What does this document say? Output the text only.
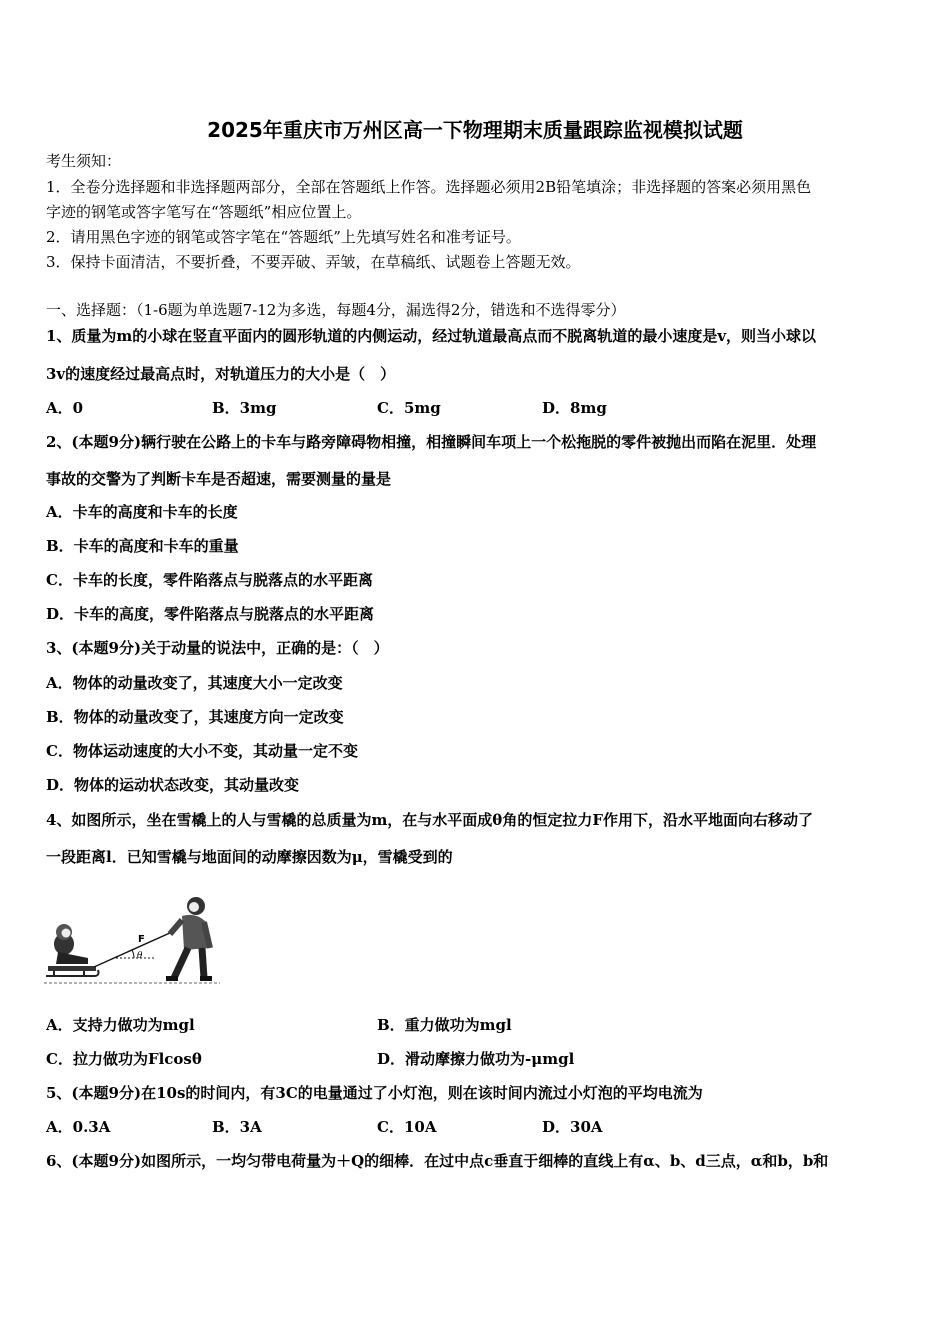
2025年重庆市万州区高一下物理期末质量跟踪监视模拟试题
考生须知：
1．全卷分选择题和非选择题两部分，全部在答题纸上作答。选择题必须用2B铅笔填涂；非选择题的答案必须用黑色
字迹的钢笔或答字笔写在“答题纸”相应位置上。
2．请用黑色字迹的钢笔或答字笔在“答题纸”上先填写姓名和准考证号。
3．保持卡面清洁，不要折叠，不要弄破、弄皱，在草稿纸、试题卷上答题无效。
一、选择题：（1-6题为单选题7-12为多选，每题4分，漏选得2分，错选和不选得零分）
1、质量为m的小球在竖直平面内的圆形轨道的内侧运动，经过轨道最高点而不脱离轨道的最小速度是v，则当小球以
3v的速度经过最高点时，对轨道压力的大小是（　）
A．0	B．3mg	C．5mg	D．8mg
2、(本题9分)辆行驶在公路上的卡车与路旁障碍物相撞，相撞瞬间车项上一个松拖脱的零件被抛出而陷在泥里．处理
事故的交警为了判断卡车是否超速，需要测量的量是
A．卡车的高度和卡车的长度
B．卡车的高度和卡车的重量
C．卡车的长度，零件陷落点与脱落点的水平距离
D．卡车的高度，零件陷落点与脱落点的水平距离
3、(本题9分)关于动量的说法中，正确的是：（　）
A．物体的动量改变了，其速度大小一定改变
B．物体的动量改变了，其速度方向一定改变
C．物体运动速度的大小不变，其动量一定不变
D．物体的运动状态改变，其动量改变
4、如图所示，坐在雪橇上的人与雪橇的总质量为m，在与水平面成θ角的恒定拉力F作用下，沿水平地面向右移动了
一段距离l．已知雪橇与地面间的动摩擦因数为μ，雪橇受到的
F
θ
A．支持力做功为mgl	B．重力做功为mgl
C．拉力做功为Flcosθ	D．滑动摩擦力做功为-μmgl
5、(本题9分)在10s的时间内，有3C的电量通过了小灯泡，则在该时间内流过小灯泡的平均电流为
A．0.3A	B．3A	C．10A	D．30A
6、(本题9分)如图所示，一均匀带电荷量为＋Q的细棒．在过中点c垂直于细棒的直线上有α、b、d三点，α和b，b和
